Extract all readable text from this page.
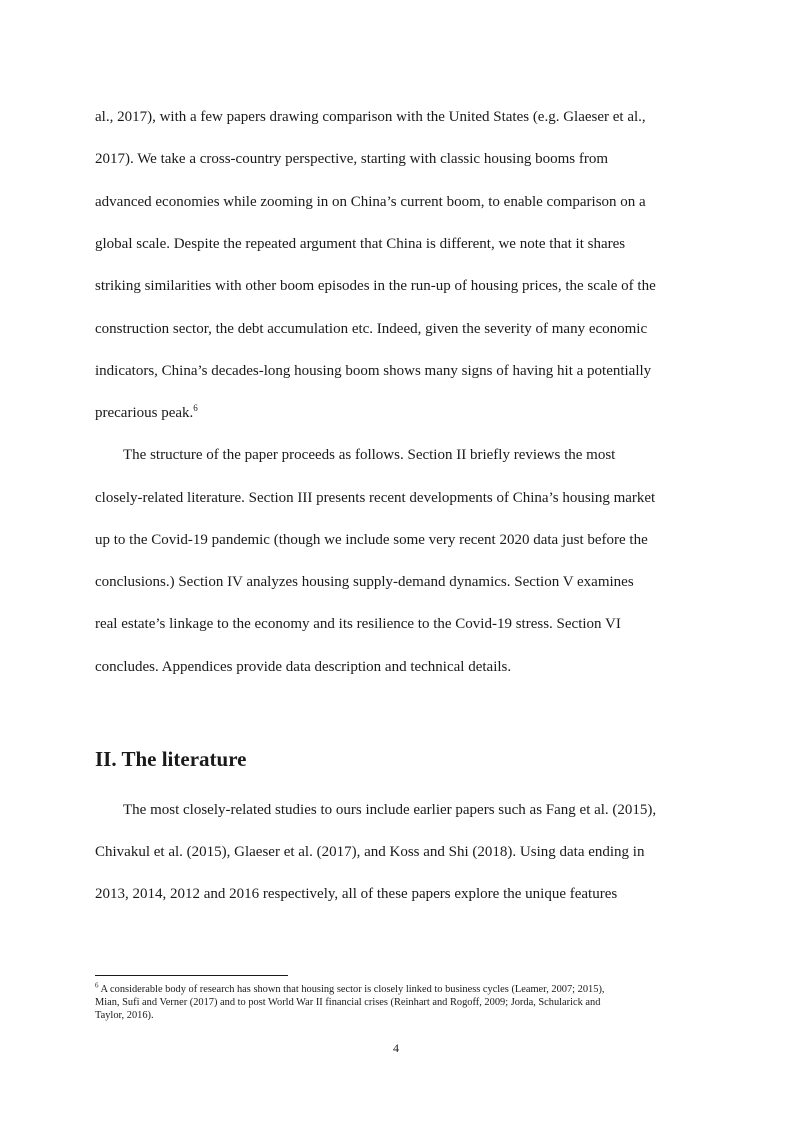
al., 2017), with a few papers drawing comparison with the United States (e.g. Glaeser et al.,
2017). We take a cross-country perspective, starting with classic housing booms from
advanced economies while zooming in on China’s current boom, to enable comparison on a
global scale. Despite the repeated argument that China is different, we note that it shares
striking similarities with other boom episodes in the run-up of housing prices, the scale of the
construction sector, the debt accumulation etc. Indeed, given the severity of many economic
indicators, China’s decades-long housing boom shows many signs of having hit a potentially
precarious peak.$^6$
The structure of the paper proceeds as follows. Section II briefly reviews the most
closely-related literature. Section III presents recent developments of China’s housing market
up to the Covid-19 pandemic (though we include some very recent 2020 data just before the
conclusions.) Section IV analyzes housing supply-demand dynamics. Section V examines
real estate’s linkage to the economy and its resilience to the Covid-19 stress. Section VI
concludes. Appendices provide data description and technical details.
II. The literature
The most closely-related studies to ours include earlier papers such as Fang et al. (2015),
Chivakul et al. (2015), Glaeser et al. (2017), and Koss and Shi (2018). Using data ending in
2013, 2014, 2012 and 2016 respectively, all of these papers explore the unique features
$^6$ A considerable body of research has shown that housing sector is closely linked to business cycles (Leamer, 2007; 2015),
Mian, Sufi and Verner (2017) and to post World War II financial crises (Reinhart and Rogoff, 2009; Jorda, Schularick and
Taylor, 2016).
4
